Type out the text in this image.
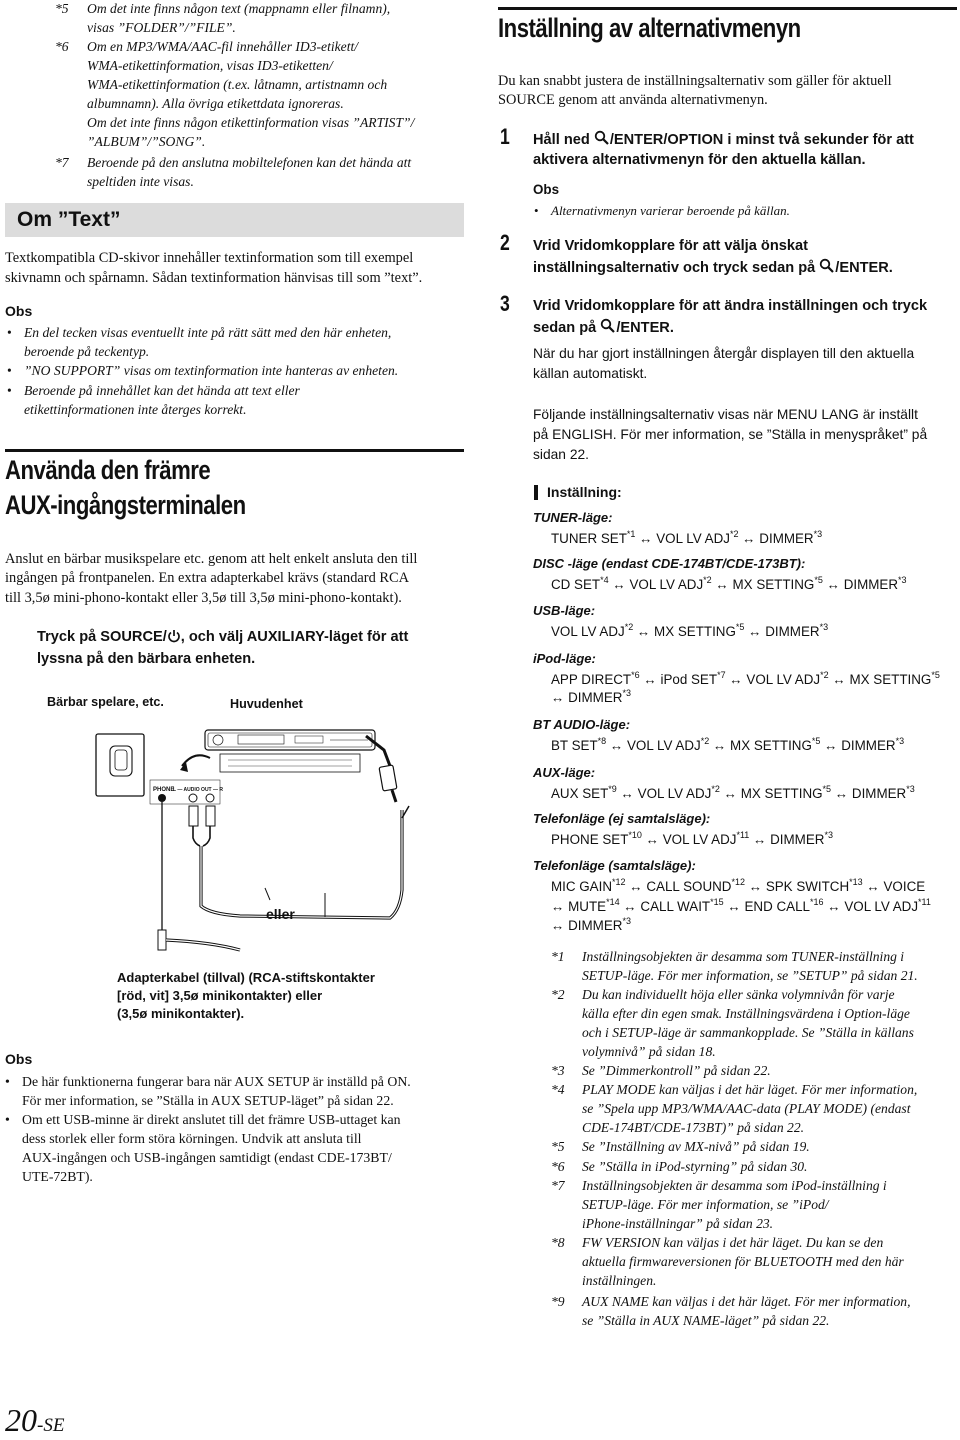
*5 Om det inte finns någon text (mappnamn eller filnamn),
visas ”FOLDER”/”FILE”.
*6 Om en MP3/WMA/AAC-fil innehåller ID3-etikett/
WMA-etikettinformation, visas ID3-etiketten/
WMA-etikettinformation (t.ex. låtnamn, artistnamn och
albumnamn). Alla övriga etikettdata ignoreras.
Om det inte finns någon etikettinformation visas ”ARTIST”/
”ALBUM”/”SONG”.
*7 Beroende på den anslutna mobiltelefonen kan det hända att
speltiden inte visas.
Om ”Text”
Textkompatibla CD-skivor innehåller textinformation som till exempel
skivnamn och spårnamn. Sådan textinformation hänvisas till som ”text”.
Obs
• En del tecken visas eventuellt inte på rätt sätt med den här enheten,
beroende på teckentyp.
• ”NO SUPPORT” visas om textinformation inte hanteras av enheten.
• Beroende på innehållet kan det hända att text eller
etikettinformationen inte återges korrekt.
Använda den främre
AUX-ingångsterminalen
Anslut en bärbar musikspelare etc. genom att helt enkelt ansluta den till
ingången på frontpanelen. En extra adapterkabel krävs (standard RCA
till 3,5ø mini-phono-kontakt eller 3,5ø till 3,5ø mini-phono-kontakt).
Tryck på SOURCE/ , och välj AUXILIARY-läget för att
lyssna på den bärbara enheten.
Bärbar spelare, etc.	Huvudenhet
PHONE
L — AUDIO OUT — R
eller
Adapterkabel (tillval) (RCA-stiftskontakter
[röd, vit] 3,5ø minikontakter) eller
(3,5ø minikontakter).
Obs
• De här funktionerna fungerar bara när AUX SETUP är inställd på ON.
För mer information, se ”Ställa in AUX SETUP-läget” på sidan 22.
• Om ett USB-minne är direkt anslutet till det främre USB-uttaget kan
dess storlek eller form störa körningen. Undvik att ansluta till
AUX-ingången och USB-ingången samtidigt (endast CDE-173BT/
UTE-72BT).
20-SE
Inställning av alternativmenyn
Du kan snabbt justera de inställningsalternativ som gäller för aktuell
SOURCE genom att använda alternativmenyn.
1 Håll ned /ENTER/OPTION i minst två sekunder för att
aktivera alternativmenyn för den aktuella källan.
Obs
• Alternativmenyn varierar beroende på källan.
2 Vrid Vridomkopplare för att välja önskat
inställningsalternativ och tryck sedan på /ENTER.
3 Vrid Vridomkopplare för att ändra inställningen och tryck
sedan på /ENTER.
När du har gjort inställningen återgår displayen till den aktuella
källan automatiskt.
Följande inställningsalternativ visas när MENU LANG är inställt
på ENGLISH. För mer information, se ”Ställa in menyspråket” på
sidan 22.
Inställning:
TUNER-läge:
TUNER SET$^{*1}$ ↔ VOL LV ADJ$^{*2}$ ↔ DIMMER$^{*3}$
DISC -läge (endast CDE-174BT/CDE-173BT):
CD SET$^{*4}$ ↔ VOL LV ADJ$^{*2}$ ↔ MX SETTING$^{*5}$ ↔ DIMMER$^{*3}$
USB-läge:
VOL LV ADJ$^{*2}$ ↔ MX SETTING$^{*5}$ ↔ DIMMER$^{*3}$
iPod-läge:
APP DIRECT$^{*6}$ ↔ iPod SET$^{*7}$ ↔ VOL LV ADJ$^{*2}$ ↔ MX SETTING$^{*5}$
↔ DIMMER$^{*3}$
BT AUDIO-läge:
BT SET$^{*8}$ ↔ VOL LV ADJ$^{*2}$ ↔ MX SETTING$^{*5}$ ↔ DIMMER$^{*3}$
AUX-läge:
AUX SET$^{*9}$ ↔ VOL LV ADJ$^{*2}$ ↔ MX SETTING$^{*5}$ ↔ DIMMER$^{*3}$
Telefonläge (ej samtalsläge):
PHONE SET$^{*10}$ ↔ VOL LV ADJ$^{*11}$ ↔ DIMMER$^{*3}$
Telefonläge (samtalsläge):
MIC GAIN$^{*12}$ ↔ CALL SOUND$^{*12}$ ↔ SPK SWITCH$^{*13}$ ↔ VOICE
↔ MUTE$^{*14}$ ↔ CALL WAIT$^{*15}$ ↔ END CALL$^{*16}$ ↔ VOL LV ADJ$^{*11}$
↔ DIMMER$^{*3}$
*1 Inställningsobjekten är desamma som TUNER-inställning i
SETUP-läge. För mer information, se ”SETUP” på sidan 21.
*2 Du kan individuellt höja eller sänka volymnivån för varje
källa efter din egen smak. Inställningsvärdena i Option-läge
och i SETUP-läge är sammankopplade. Se ”Ställa in källans
volymnivå” på sidan 18.
*3 Se ”Dimmerkontroll” på sidan 22.
*4 PLAY MODE kan väljas i det här läget. För mer information,
se ”Spela upp MP3/WMA/AAC-data (PLAY MODE) (endast
CDE-174BT/CDE-173BT)” på sidan 22.
*5 Se ”Inställning av MX-nivå” på sidan 19.
*6 Se ”Ställa in iPod-styrning” på sidan 30.
*7 Inställningsobjekten är desamma som iPod-inställning i
SETUP-läge. För mer information, se ”iPod/
iPhone-inställningar” på sidan 23.
*8 FW VERSION kan väljas i det här läget. Du kan se den
aktuella firmwareversionen för BLUETOOTH med den här
inställningen.
*9 AUX NAME kan väljas i det här läget. För mer information,
se ”Ställa in AUX NAME-läget” på sidan 22.
